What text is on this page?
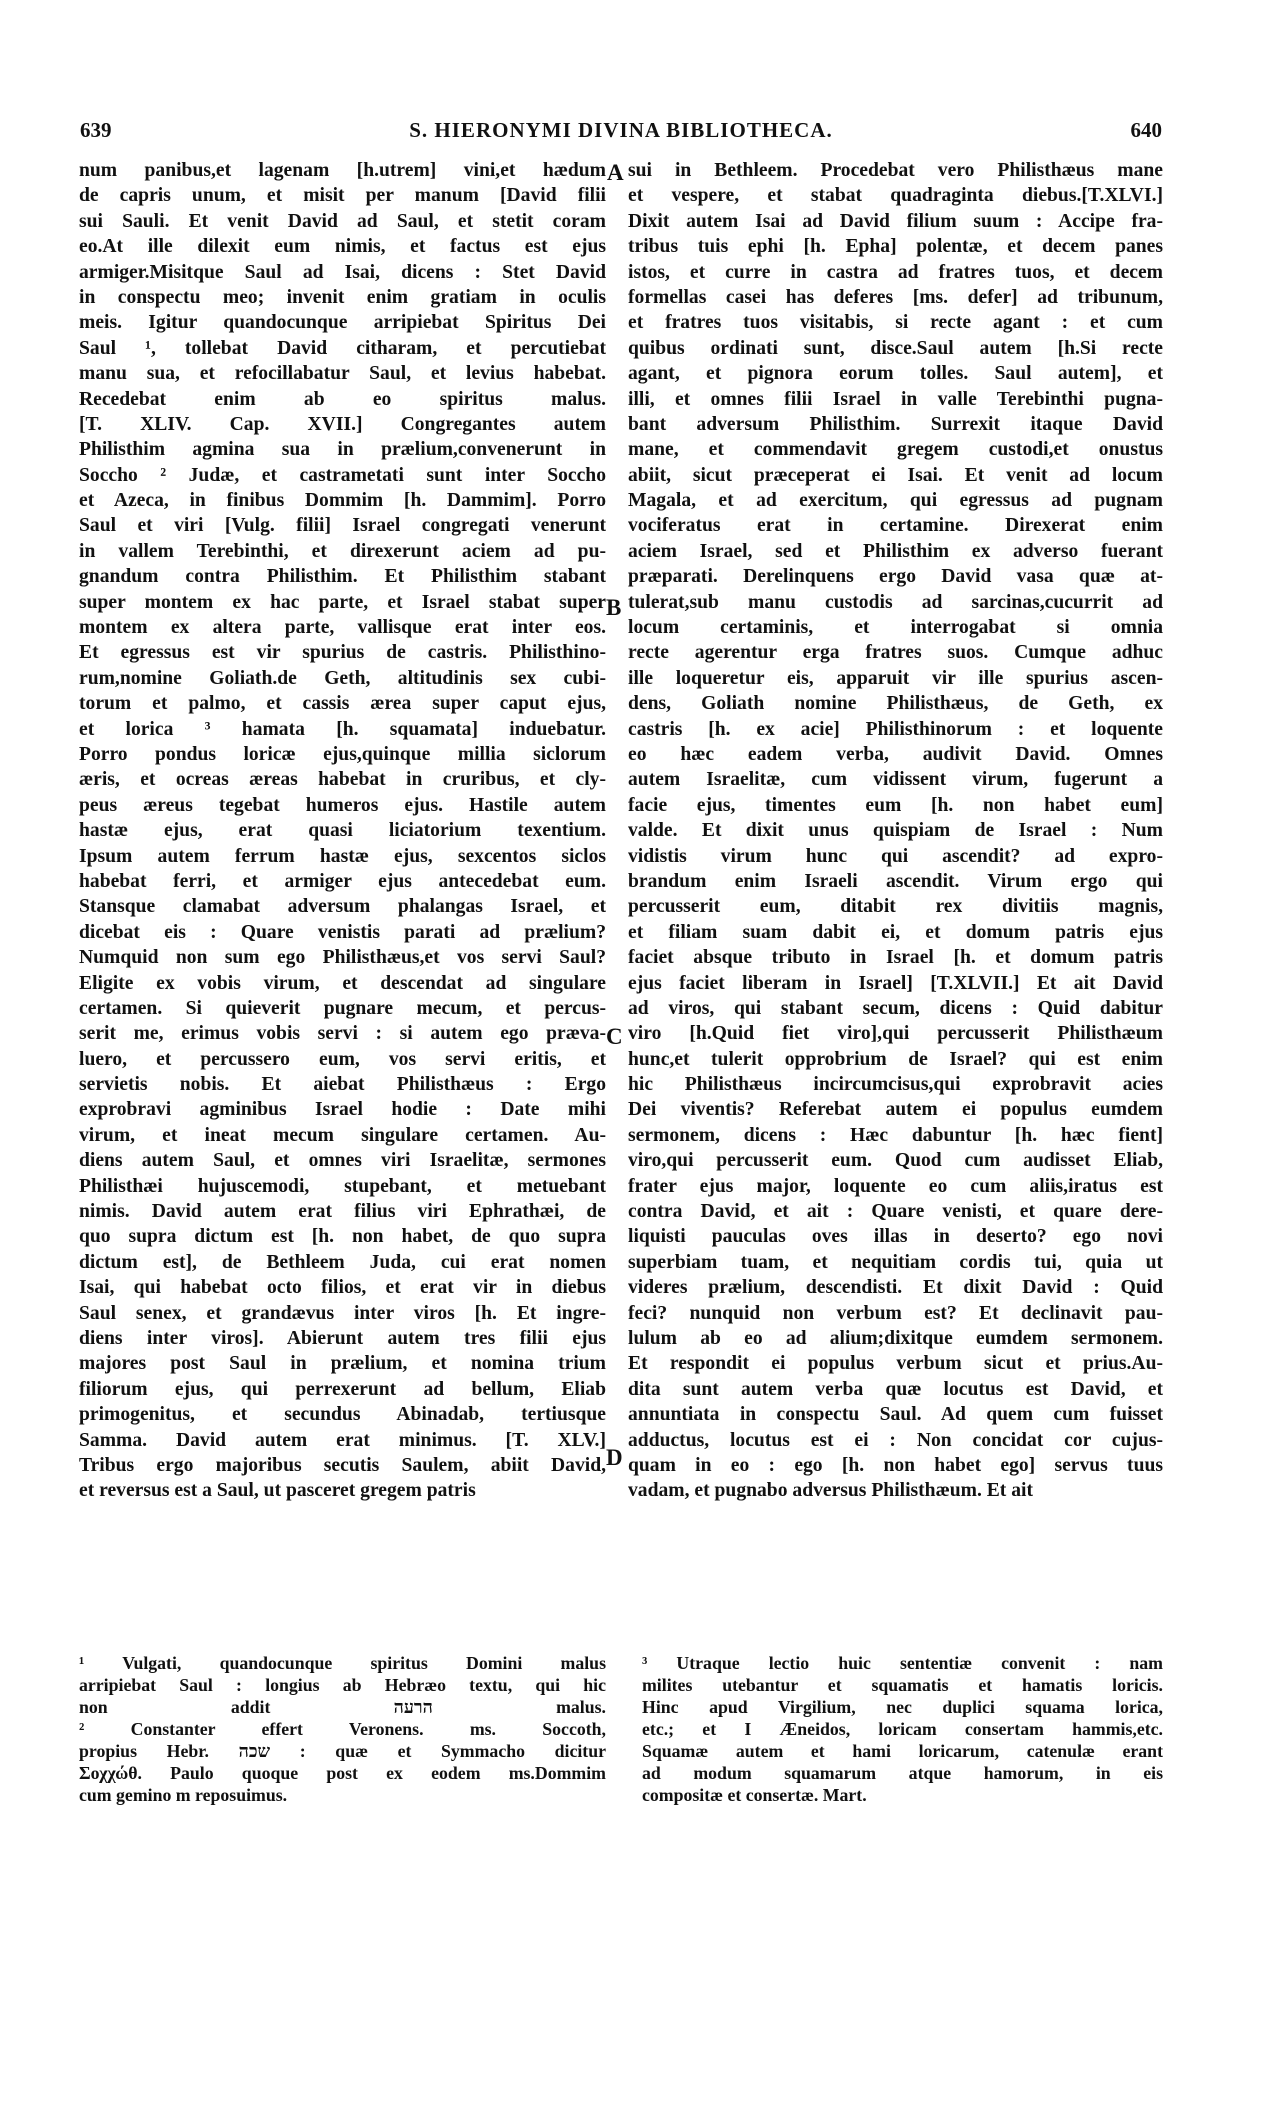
639	S. HIERONYMI DIVINA BIBLIOTHECA.	640
num panibus,et lagenam [h.utrem] vini,et hædum
de capris unum, et misit per manum [David filii
sui Sauli. Et venit David ad Saul, et stetit coram
eo.At ille dilexit eum nimis, et factus est ejus
armiger.Misitque Saul ad Isai, dicens : Stet David
in conspectu meo; invenit enim gratiam in oculis
meis. Igitur quandocunque arripiebat Spiritus Dei
Saul ¹, tollebat David citharam, et percutiebat
manu sua, et refocillabatur Saul, et levius habebat.
Recedebat enim ab eo spiritus malus.
[T. XLIV. Cap. XVII.] Congregantes autem
Philisthim agmina sua in prælium,convenerunt in
Socchо ² Judæ, et castrametati sunt inter Socchо
et Azeca, in finibus Dommim [h. Dammim]. Porro
Saul et viri [Vulg. filii] Israel congregati venerunt
in vallem Terebinthi, et direxerunt aciem ad pu-
gnandum contra Philisthim. Et Philisthim stabant
super montem ex hac parte, et Israel stabat super
montem ex altera parte, vallisque erat inter eos.
Et egressus est vir spurius de castris. Philisthino-
rum,nomine Goliath.de Geth, altitudinis sex cubi-
torum et palmo, et cassis ærea super caput ejus,
et lorica ³ hamata [h. squamata] induebatur.
Porro pondus loricæ ejus,quinque millia siclorum
æris, et ocreas æreas habebat in cruribus, et cly-
peus æreus tegebat humeros ejus. Hastile autem
hastæ ejus, erat quasi liciatorium texentium.
Ipsum autem ferrum hastæ ejus, sexcentos siclos
habebat ferri, et armiger ejus antecedebat eum.
Stansque clamabat adversum phalangas Israel, et
dicebat eis : Quare venistis parati ad prælium?
Numquid non sum ego Philisthæus,et vos servi Saul?
Eligite ex vobis virum, et descendat ad singulare
certamen. Si quieverit pugnare mecum, et percus-
serit me, erimus vobis servi : si autem ego præva-
luero, et percussero eum, vos servi eritis, et
servietis nobis. Et aiebat Philisthæus : Ergo
exprobravi agminibus Israel hodie : Date mihi
virum, et ineat mecum singulare certamen. Au-
diens autem Saul, et omnes viri Israelitæ, sermones
Philisthæi hujuscemodi, stupebant, et metuebant
nimis. David autem erat filius viri Ephrathæi, de
quo supra dictum est [h. non habet, de quo supra
dictum est], de Bethleem Juda, cui erat nomen
Isai, qui habebat octo filios, et erat vir in diebus
Saul senex, et grandævus inter viros [h. Et ingre-
diens inter viros]. Abierunt autem tres filii ejus
majores post Saul in prælium, et nomina trium
filiorum ejus, qui perrexerunt ad bellum, Eliab
primogenitus, et secundus Abinadab, tertiusque
Samma. David autem erat minimus. [T. XLV.]
Tribus ergo majoribus secutis Saulem, abiit David,
et reversus est a Saul, ut pasceret gregem patris
sui in Bethleem. Procedebat vero Philisthæus mane
et vespere, et stabat quadraginta diebus.[T.XLVI.]
Dixit autem Isai ad David filium suum : Accipe fra-
tribus tuis ephi [h. Epha] polentæ, et decem panes
istos, et curre in castra ad fratres tuos, et decem
formellas casei has deferes [ms. defer] ad tribunum,
et fratres tuos visitabis, si recte agant : et cum
quibus ordinati sunt, disce.Saul autem [h.Si recte
agant, et pignora eorum tolles. Saul autem], et
illi, et omnes filii Israel in valle Terebinthi pugna-
bant adversum Philisthim. Surrexit itaque David
mane, et commendavit gregem custodi,et onustus
abiit, sicut præceperat ei Isai. Et venit ad locum
Magala, et ad exercitum, qui egressus ad pugnam
vociferatus erat in certamine. Direxerat enim
aciem Israel, sed et Philisthim ex adverso fuerant
præparati. Derelinquens ergo David vasa quæ at-
tulerat,sub manu custodis ad sarcinas,cucurrit ad
locum certaminis, et interrogabat si omnia
recte agerentur erga fratres suos. Cumque adhuc
ille loqueretur eis, apparuit vir ille spurius ascen-
dens, Goliath nomine Philisthæus, de Geth, ex
castris [h. ex acie] Philisthinorum : et loquente
eo hæc eadem verba, audivit David. Omnes
autem Israelitæ, cum vidissent virum, fugerunt a
facie ejus, timentes eum [h. non habet eum]
valde. Et dixit unus quispiam de Israel : Num
vidistis virum hunc qui ascendit? ad expro-
brandum enim Israeli ascendit. Virum ergo qui
percusserit eum, ditabit rex divitiis magnis,
et filiam suam dabit ei, et domum patris ejus
faciet absque tributo in Israel [h. et domum patris
ejus faciet liberam in Israel] [T.XLVII.] Et ait David
ad viros, qui stabant secum, dicens : Quid dabitur
viro [h.Quid fiet viro],qui percusserit Philisthæum
hunc,et tulerit opprobrium de Israel? qui est enim
hic Philisthæus incircumcisus,qui exprobravit acies
Dei viventis? Referebat autem ei populus eumdem
sermonem, dicens : Hæc dabuntur [h. hæc fient]
viro,qui percusserit eum. Quod cum audisset Eliab,
frater ejus major, loquente eo cum aliis,iratus est
contra David, et ait : Quare venisti, et quare dere-
liquisti pauculas oves illas in deserto? ego novi
superbiam tuam, et nequitiam cordis tui, quia ut
videres prælium, descendisti. Et dixit David : Quid
feci? nunquid non verbum est? Et declinavit pau-
lulum ab eo ad alium;dixitque eumdem sermonem.
Et respondit ei populus verbum sicut et prius.Au-
dita sunt autem verba quæ locutus est David, et
annuntiata in conspectu Saul. Ad quem cum fuisset
adductus, locutus est ei : Non concidat cor cujus-
quam in eo : ego [h. non habet ego] servus tuus
vadam, et pugnabo adversus Philisthæum. Et ait
A
B
C
D
¹ Vulgati, quandocunque spiritus Domini malus
arripiebat Saul : longius ab Hebræo textu, qui hic
non addit הרעה malus.
² Constanter effert Veronens. ms. Soccoth,
propius Hebr. שכה : quæ et Symmacho dicitur
Σοχχώθ. Paulo quoque post ex eodem ms.Dommim
cum gemino m reposuimus.
³ Utraque lectio huic sententiæ convenit : nam
milites utebantur et squamatis et hamatis loricis.
Hinc apud Virgilium, nec duplici squama lorica,
etc.; et I Æneidos, loricam consertam hammis,etc.
Squamæ autem et hami loricarum, catenulæ erant
ad modum squamarum atque hamorum, in eis
compositæ et consertæ. Mart.
